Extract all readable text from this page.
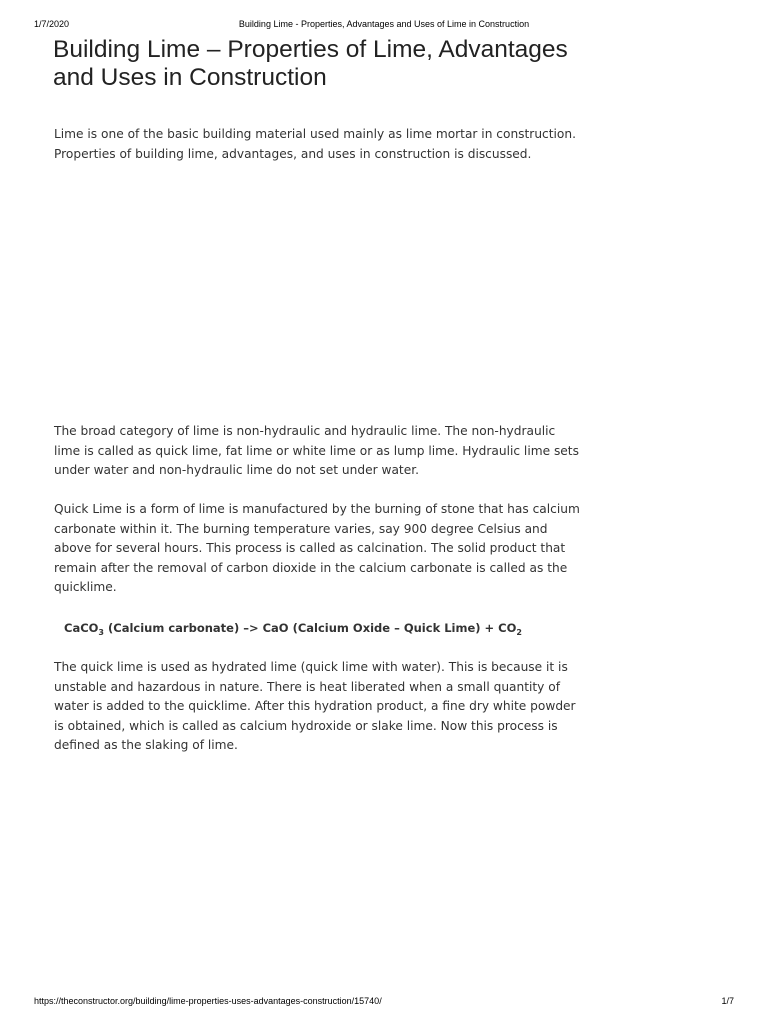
1/7/2020	Building Lime - Properties, Advantages and Uses of Lime in Construction
Building Lime – Properties of Lime, Advantages and Uses in Construction

Lime is one of the basic building material used mainly as lime mortar in construction. Properties of building lime, advantages, and uses in construction is discussed.

The broad category of lime is non-hydraulic and hydraulic lime. The non-hydraulic lime is called as quick lime, fat lime or white lime or as lump lime. Hydraulic lime sets under water and non-hydraulic lime do not set under water.

Quick Lime is a form of lime is manufactured by the burning of stone that has calcium carbonate within it. The burning temperature varies, say 900 degree Celsius and above for several hours. This process is called as calcination. The solid product that remain after the removal of carbon dioxide in the calcium carbonate is called as the quicklime.

CaCO$_3$ (Calcium carbonate) –> CaO (Calcium Oxide – Quick Lime) + $CO_2$

The quick lime is used as hydrated lime (quick lime with water). This is because it is unstable and hazardous in nature. There is heat liberated when a small quantity of water is added to the quicklime. After this hydration product, a fine dry white powder is obtained, which is called as calcium hydroxide or slake lime. Now this process is defined as the slaking of lime.

https://theconstructor.org/building/lime-properties-uses-advantages-construction/15740/	1/7
